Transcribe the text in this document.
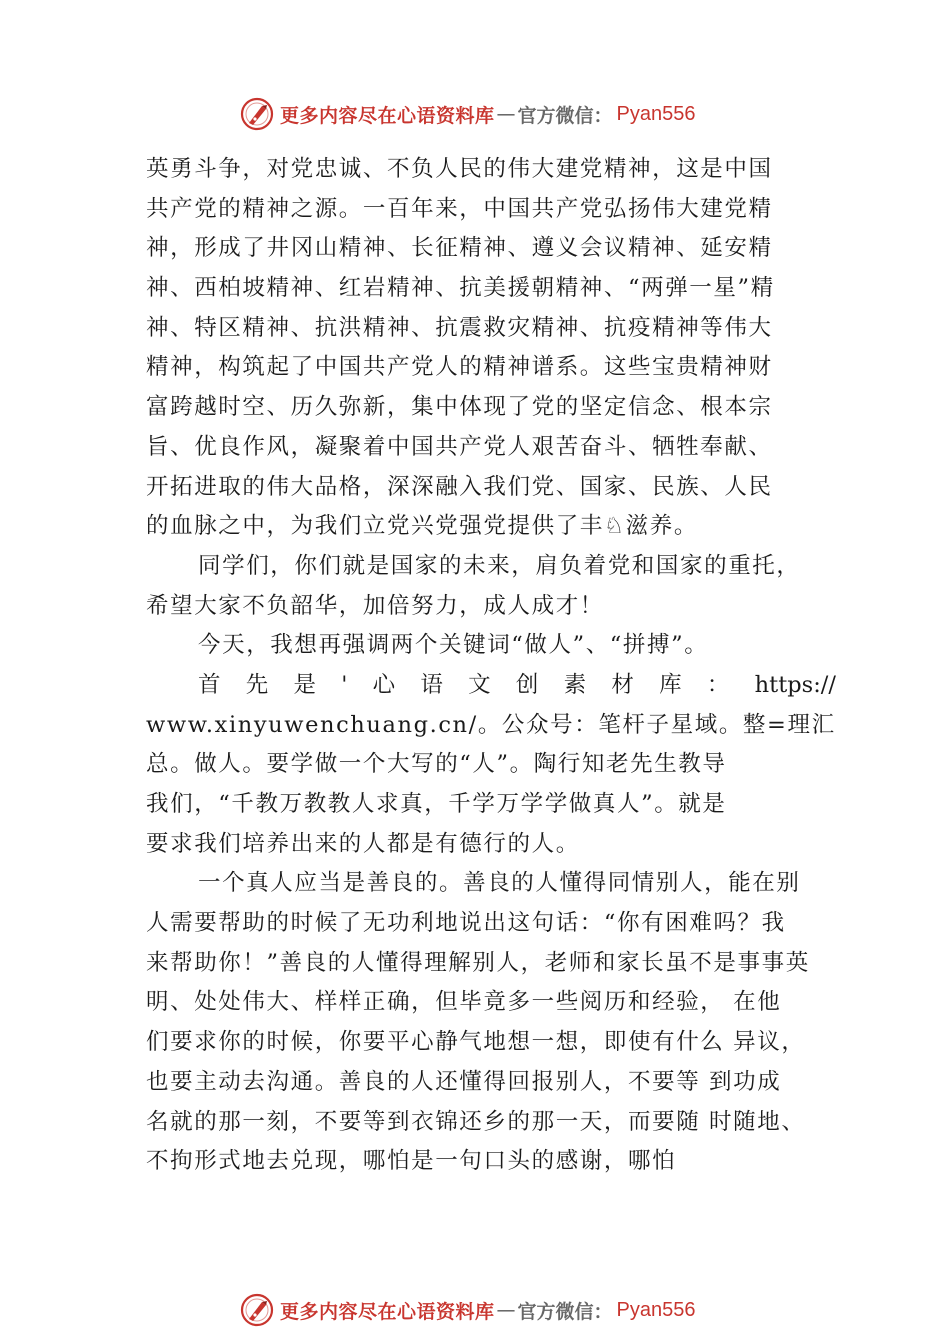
更多内容尽在心语资料库 — 官方微信： Pyan556
英勇斗争，对党忠诚、不负人民的伟大建党精神，这是中国
共产党的精神之源。一百年来，中国共产党弘扬伟大建党精
神，形成了井冈山精神、长征精神、遵义会议精神、延安精
神、西柏坡精神、红岩精神、抗美援朝精神、“两弹一星”精
神、特区精神、抗洪精神、抗震救灾精神、抗疫精神等伟大
精神，构筑起了中国共产党人的精神谱系。这些宝贵精神财
富跨越时空、历久弥新，集中体现了党的坚定信念、根本宗
旨、优良作风，凝聚着中国共产党人艰苦奋斗、牺牲奉献、
开拓进取的伟大品格，深深融入我们党、国家、民族、人民
的血脉之中，为我们立党兴党强党提供了丰♘滋养。
同学们，你们就是国家的未来，肩负着党和国家的重托，
希望大家不负韶华，加倍努力，成人成才！
今天，我想再强调两个关键词“做人”、“拼搏”。
首 先 是 ' 心 语 文 创 素 材 库 ： https://
www.xinyuwenchuang.cn/。公众号：笔杆子星域。整=理汇
总。做人。要学做一个大写的“人”。陶行知老先生教导
我们，“千教万教教人求真，千学万学学做真人”。就是
要求我们培养出来的人都是有德行的人。
一个真人应当是善良的。善良的人懂得同情别人，能在别
人需要帮助的时候了无功利地说出这句话：“你有困难吗？我
来帮助你！”善良的人懂得理解别人，老师和家长虽不是事事英
明、处处伟大、样样正确，但毕竟多一些阅历和经验， 在他
们要求你的时候，你要平心静气地想一想，即使有什么 异议，
也要主动去沟通。善良的人还懂得回报别人，不要等 到功成
名就的那一刻，不要等到衣锦还乡的那一天，而要随 时随地、
不拘形式地去兑现，哪怕是一句口头的感谢，哪怕
更多内容尽在心语资料库 — 官方微信： Pyan556
